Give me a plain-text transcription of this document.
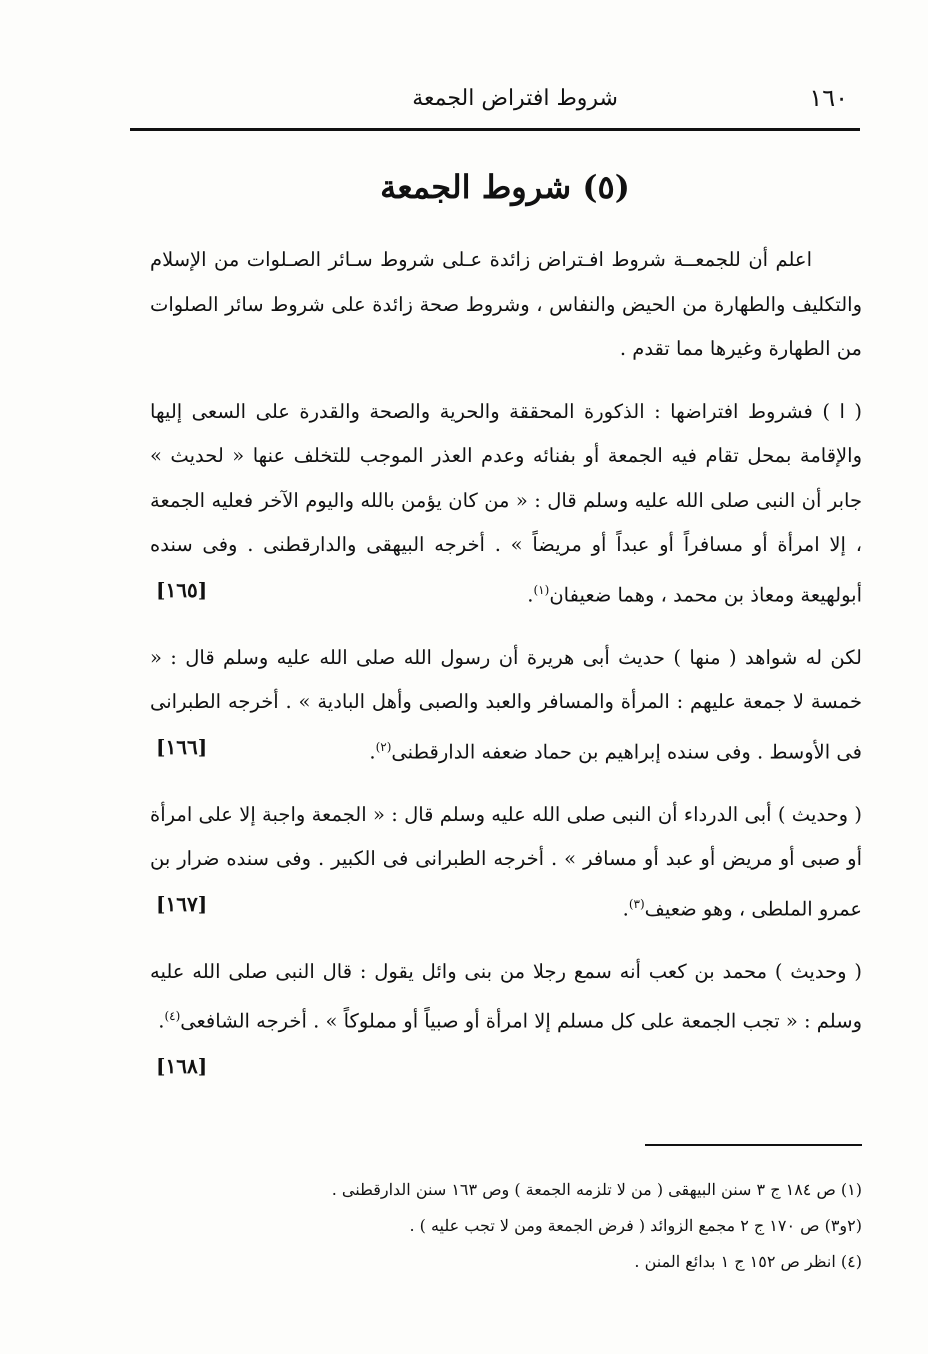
١٦٠
شروط افتراض الجمعة
(٥) شروط الجمعة

اعلم أن للجمعــة شروط افـتراض زائدة عـلى شروط سـائر الصـلوات من الإسلام والتكليف والطهارة من الحيض والنفاس ، وشروط صحة زائدة على شروط سائر الصلوات من الطهارة وغيرها مما تقدم .

( ا ) فشروط افتراضها : الذكورة المحققة والحرية والصحة والقدرة على السعى إليها والإقامة بمحل تقام فيه الجمعة أو بفنائه وعدم العذر الموجب للتخلف عنها « لحديث » جابر أن النبى صلى الله عليه وسلم قال : « من كان يؤمن بالله واليوم الآخر فعليه الجمعة ، إلا امرأة أو مسافراً أو عبداً أو مريضاً » . أخرجه البيهقى والدارقطنى . وفى سنده أبولهيعة ومعاذ بن محمد ، وهما ضعيفان$^{(١)}$.
[١٦٥]

لكن له شواهد ( منها ) حديث أبى هريرة أن رسول الله صلى الله عليه وسلم قال : « خمسة لا جمعة عليهم : المرأة والمسافر والعبد والصبى وأهل البادية » . أخرجه الطبرانى فى الأوسط . وفى سنده إبراهيم بن حماد ضعفه الدارقطنى$^{(٢)}$.
[١٦٦]

( وحديث ) أبى الدرداء أن النبى صلى الله عليه وسلم قال : « الجمعة واجبة إلا على امرأة أو صبى أو مريض أو عبد أو مسافر » . أخرجه الطبرانى فى الكبير . وفى سنده ضرار بن عمرو الملطى ، وهو ضعيف$^{(٣)}$.
[١٦٧]

( وحديث ) محمد بن كعب أنه سمع رجلا من بنى وائل يقول : قال النبى صلى الله عليه وسلم : « تجب الجمعة على كل مسلم إلا امرأة أو صبياً أو مملوكاً » . أخرجه الشافعى$^{(٤)}$.
[١٦٨]

(١) ص ١٨٤ ج ٣ سنن البيهقى ( من لا تلزمه الجمعة ) وص ١٦٣ سنن الدارقطنى .

(٢و٣) ص ١٧٠ ج ٢ مجمع الزوائد ( فرض الجمعة ومن لا تجب عليه ) .

(٤) انظر ص ١٥٢ ج ١ بدائع المنن .
